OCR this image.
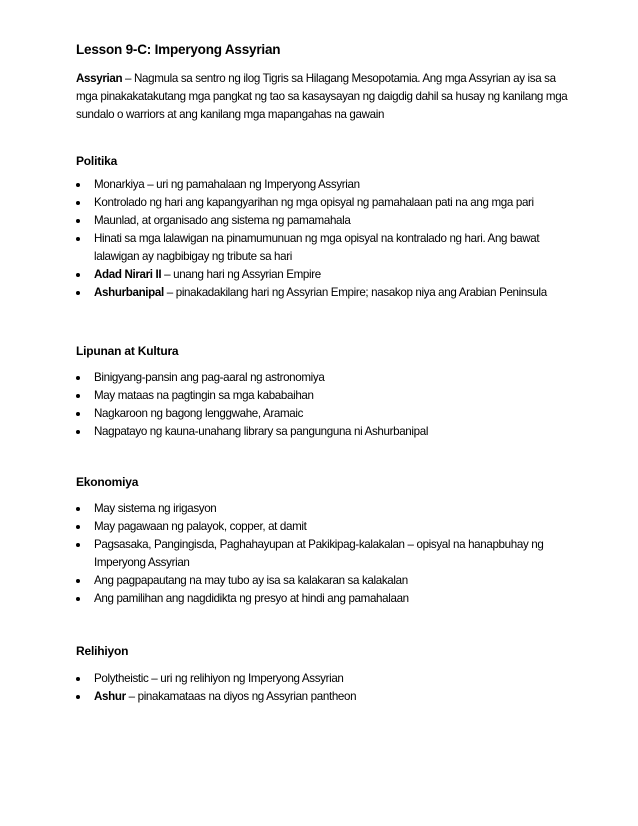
Lesson 9-C: Imperyong Assyrian
Assyrian – Nagmula sa sentro ng ilog Tigris sa Hilagang Mesopotamia. Ang mga Assyrian ay isa sa mga pinakakatakutang mga pangkat ng tao sa kasaysayan ng daigdig dahil sa husay ng kanilang mga sundalo o warriors at ang kanilang mga mapangahas na gawain
Politika
Monarkiya – uri ng pamahalaan ng Imperyong Assyrian
Kontrolado ng hari ang kapangyarihan ng mga opisyal ng pamahalaan pati na ang mga pari
Maunlad, at organisado ang sistema ng pamamahala
Hinati sa mga lalawigan na pinamumunuan ng mga opisyal na kontralado ng hari. Ang bawat lalawigan ay nagbibigay ng tribute sa hari
Adad Nirari II – unang hari ng Assyrian Empire
Ashurbanipal – pinakadakilang hari ng Assyrian Empire; nasakop niya ang Arabian Peninsula
Lipunan at Kultura
Binigyang-pansin ang pag-aaral ng astronomiya
May mataas na pagtingin sa mga kababaihan
Nagkaroon ng bagong lenggwahe, Aramaic
Nagpatayo ng kauna-unahang library sa pangunguna ni Ashurbanipal
Ekonomiya
May sistema ng irigasyon
May pagawaan ng palayok, copper, at damit
Pagsasaka, Pangingisda, Paghahayupan at Pakikipag-kalakalan – opisyal na hanapbuhay ng Imperyong Assyrian
Ang pagpapautang na may tubo ay isa sa kalakaran sa kalakalan
Ang pamilihan ang nagdidikta ng presyo at hindi ang pamahalaan
Relihiyon
Polytheistic – uri ng relihiyon ng Imperyong Assyrian
Ashur – pinakamataas na diyos ng Assyrian pantheon
